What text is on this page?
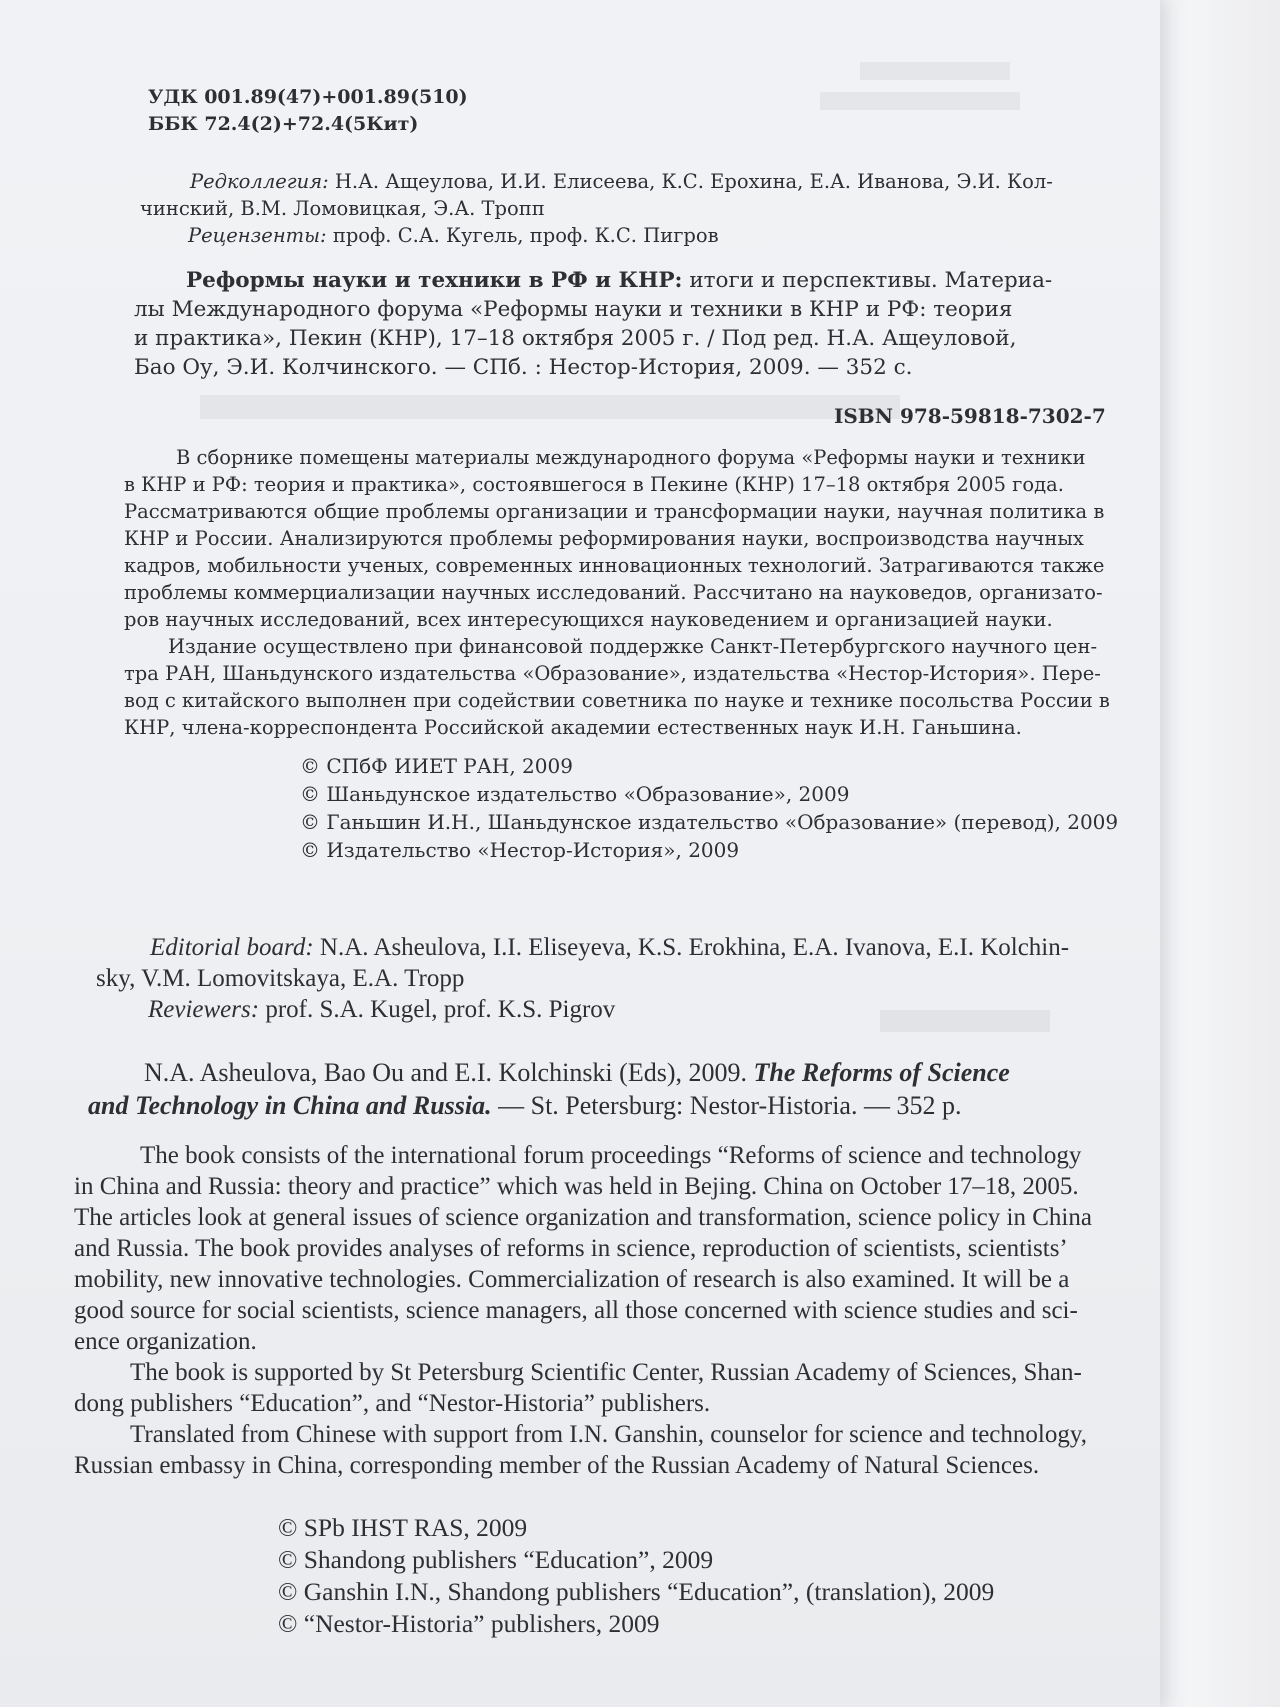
УДК 001.89(47)+001.89(510)
ББК 72.4(2)+72.4(5Кит)
Редколлегия: Н.А. Ащеулова, И.И. Елисеева, К.С. Ерохина, Е.А. Иванова, Э.И. Кол-
чинский, В.М. Ломовицкая, Э.А. Тропп
Рецензенты: проф. С.А. Кугель, проф. К.С. Пигров
Реформы науки и техники в РФ и КНР: итоги и перспективы. Материа-
лы Международного форума «Реформы науки и техники в КНР и РФ: теория
и практика», Пекин (КНР), 17–18 октября 2005 г. / Под ред. Н.А. Ащеуловой,
Бао Оу, Э.И. Колчинского. — СПб. : Нестор-История, 2009. — 352 с.
ISBN 978-59818-7302-7
В сборнике помещены материалы международного форума «Реформы науки и техники
в КНР и РФ: теория и практика», состоявшегося в Пекине (КНР) 17–18 октября 2005 года.
Рассматриваются общие проблемы организации и трансформации науки, научная политика в
КНР и России. Анализируются проблемы реформирования науки, воспроизводства научных
кадров, мобильности ученых, современных инновационных технологий. Затрагиваются также
проблемы коммерциализации научных исследований. Рассчитано на науковедов, организато-
ров научных исследований, всех интересующихся науковедением и организацией науки.
Издание осуществлено при финансовой поддержке Санкт-Петербургского научного цен-
тра РАН, Шаньдунского издательства «Образование», издательства «Нестор-История». Пере-
вод с китайского выполнен при содействии советника по науке и технике посольства России в
КНР, члена-корреспондента Российской академии естественных наук И.Н. Ганьшина.
© СПбФ ИИЕТ РАН, 2009
© Шаньдунское издательство «Образование», 2009
© Ганьшин И.Н., Шаньдунское издательство «Образование» (перевод), 2009
© Издательство «Нестор-История», 2009
Editorial board: N.A. Asheulova, I.I. Eliseyeva, K.S. Erokhina, E.A. Ivanova, E.I. Kolchin-
sky, V.M. Lomovitskaya, E.A. Tropp
Reviewers: prof. S.A. Kugel, prof. K.S. Pigrov
N.A. Asheulova, Bao Ou and E.I. Kolchinski (Eds), 2009. The Reforms of Science
and Technology in China and Russia. — St. Petersburg: Nestor-Historia. — 352 p.
The book consists of the international forum proceedings “Reforms of science and technology
in China and Russia: theory and practice” which was held in Bejing. China on October 17–18, 2005.
The articles look at general issues of science organization and transformation, science policy in China
and Russia. The book provides analyses of reforms in science, reproduction of scientists, scientists’
mobility, new innovative technologies. Commercialization of research is also examined. It will be a
good source for social scientists, science managers, all those concerned with science studies and sci-
ence organization.
The book is supported by St Petersburg Scientific Center, Russian Academy of Sciences, Shan-
dong publishers “Education”, and “Nestor-Historia” publishers.
Translated from Chinese with support from I.N. Ganshin, counselor for science and technology,
Russian embassy in China, corresponding member of the Russian Academy of Natural Sciences.
© SPb IHST RAS, 2009
© Shandong publishers “Education”, 2009
© Ganshin I.N., Shandong publishers “Education”, (translation), 2009
© “Nestor-Historia” publishers, 2009
